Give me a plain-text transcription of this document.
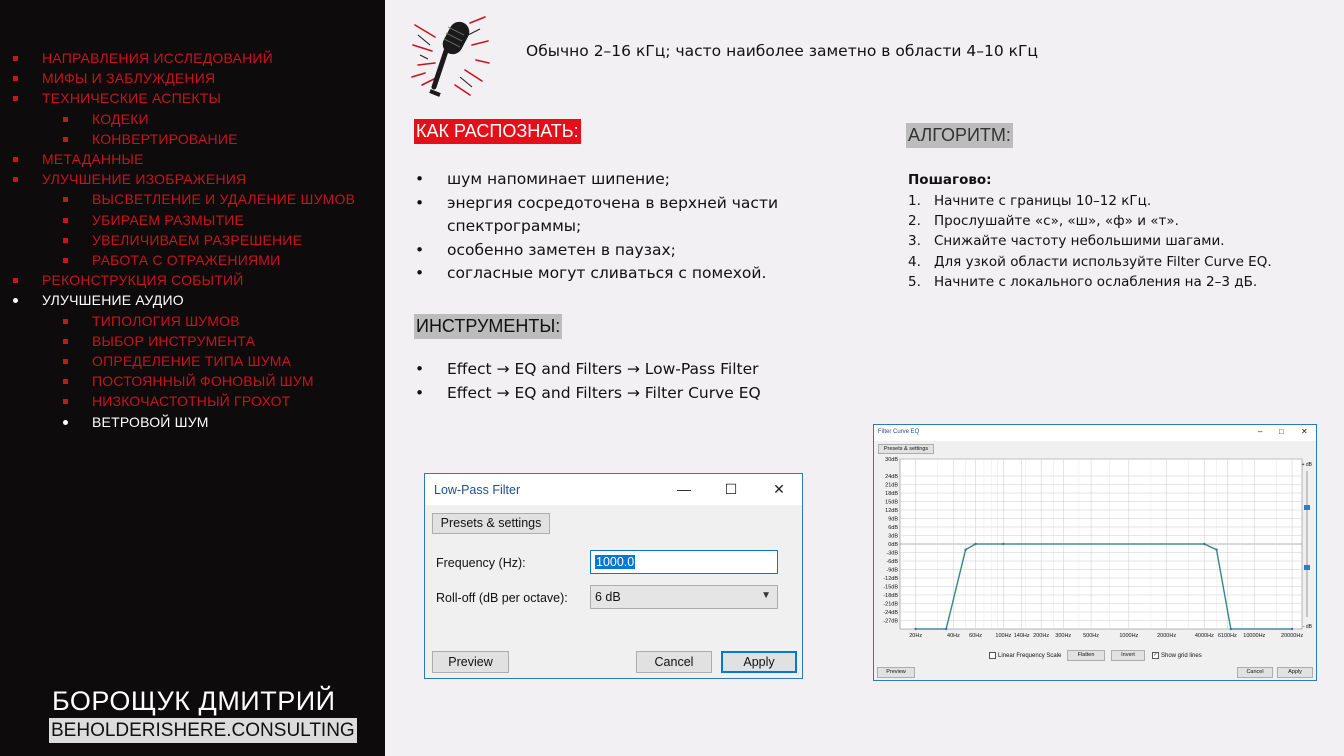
НАПРАВЛЕНИЯ ИССЛЕДОВАНИЙ
МИФЫ И ЗАБЛУЖДЕНИЯ
ТЕХНИЧЕСКИЕ АСПЕКТЫ
КОДЕКИ
КОНВЕРТИРОВАНИЕ
МЕТАДАННЫЕ
УЛУЧШЕНИЕ ИЗОБРАЖЕНИЯ
ВЫСВЕТЛЕНИЕ И УДАЛЕНИЕ ШУМОВ
УБИРАЕМ РАЗМЫТИЕ
УВЕЛИЧИВАЕМ РАЗРЕШЕНИЕ
РАБОТА С ОТРАЖЕНИЯМИ
РЕКОНСТРУКЦИЯ СОБЫТИЙ
УЛУЧШЕНИЕ АУДИО
ТИПОЛОГИЯ ШУМОВ
ВЫБОР ИНСТРУМЕНТА
ОПРЕДЕЛЕНИЕ ТИПА ШУМА
ПОСТОЯННЫЙ ФОНОВЫЙ ШУМ
НИЗКОЧАСТОТНЫЙ ГРОХОТ
ВЕТРОВОЙ ШУМ
БОРОЩУК ДМИТРИЙ
BEHOLDERISHERE.CONSULTING
Обычно 2–16 кГц; часто наиболее заметно в области 4–10 кГц
КАК РАСПОЗНАТЬ:
• шум напоминает шипение;
• энергия сосредоточена в верхней части спектрограммы;
• особенно заметен в паузах;
• согласные могут сливаться с помехой.
ИНСТРУМЕНТЫ:
• Effect → EQ and Filters → Low-Pass Filter
• Effect → EQ and Filters → Filter Curve EQ
АЛГОРИТМ:
Пошагово:
1. Начните с границы 10–12 кГц.
2. Прослушайте «с», «ш», «ф» и «т».
3. Снижайте частоту небольшими шагами.
4. Для узкой области используйте Filter Curve EQ.
5. Начните с локального ослабления на 2–3 дБ.
Low-Pass Filter	—	☐	✕
Presets & settings
Frequency (Hz):	1000.0
Roll-off (dB per octave): 6 dB	▼
Preview	Cancel	Apply
Filter Curve EQ	– □ ✕
Presets & settings
30dB
24dB
21dB
18dB
15dB
12dB
9dB
6dB
3dB
0dB
-3dB
-6dB
-9dB
-12dB
-15dB
-18dB
-21dB
-24dB
-27dB
20Hz	40Hz 60Hz 100Hz 140Hz 200Hz 300Hz 500Hz	1000Hz	2000Hz	4000Hz 6100Hz 10000Hz	20000Hz
+ dB
- dB
Linear Frequency Scale	Flatten	Invert	✓ Show grid lines
Preview	Cancel	Apply
